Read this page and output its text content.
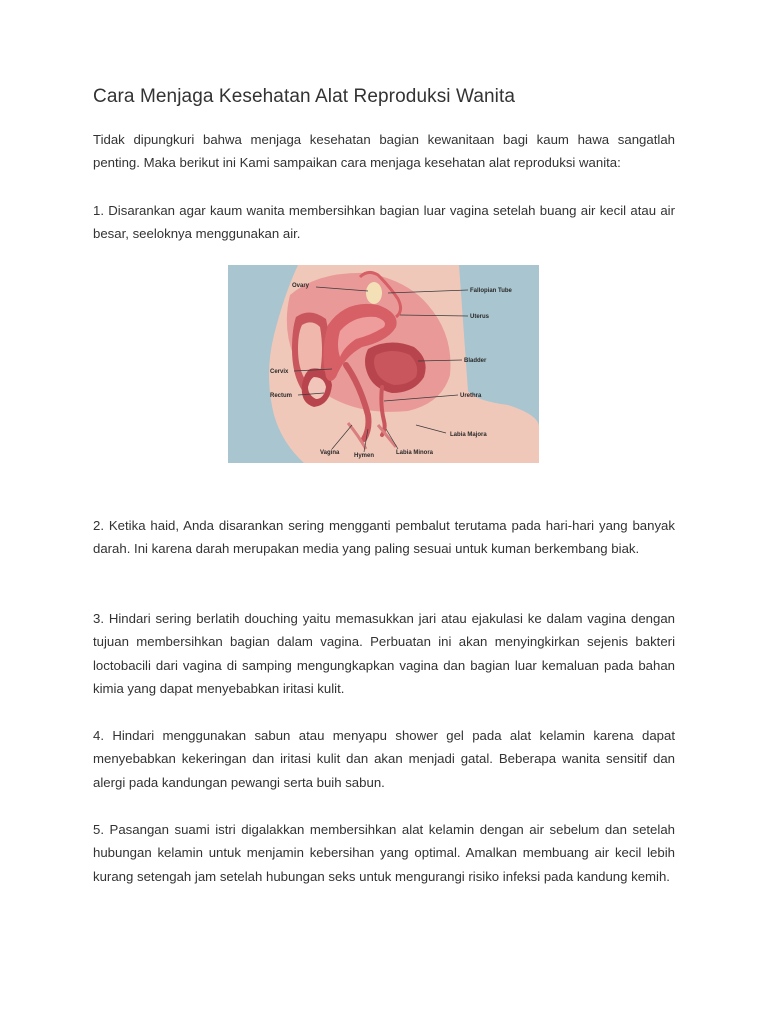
Cara Menjaga Kesehatan Alat Reproduksi Wanita

Tidak dipungkuri bahwa menjaga kesehatan bagian kewanitaan bagi kaum hawa sangatlah penting. Maka berikut ini Kami sampaikan cara menjaga kesehatan alat reproduksi wanita:

1. Disarankan agar kaum wanita membersihkan bagian luar vagina setelah buang air kecil atau air besar, seeloknya menggunakan air.

Ovary
Fallopian Tube
Uterus
Bladder
Cervix
Rectum	Urethra
Labia Majora
Vagina Hymen	Labia Minora

2. Ketika haid, Anda disarankan sering mengganti pembalut terutama pada hari-hari yang banyak darah. Ini karena darah merupakan media yang paling sesuai untuk kuman berkembang biak.

3. Hindari sering berlatih douching yaitu memasukkan jari atau ejakulasi ke dalam vagina dengan tujuan membersihkan bagian dalam vagina. Perbuatan ini akan menyingkirkan sejenis bakteri loctobacili dari vagina di samping mengungkapkan vagina dan bagian luar kemaluan pada bahan kimia yang dapat menyebabkan iritasi kulit.

4. Hindari menggunakan sabun atau menyapu shower gel pada alat kelamin karena dapat menyebabkan kekeringan dan iritasi kulit dan akan menjadi gatal. Beberapa wanita sensitif dan alergi pada kandungan pewangi serta buih sabun.

5. Pasangan suami istri digalakkan membersihkan alat kelamin dengan air sebelum dan setelah hubungan kelamin untuk menjamin kebersihan yang optimal. Amalkan membuang air kecil lebih kurang setengah jam setelah hubungan seks untuk mengurangi risiko infeksi pada kandung kemih.
